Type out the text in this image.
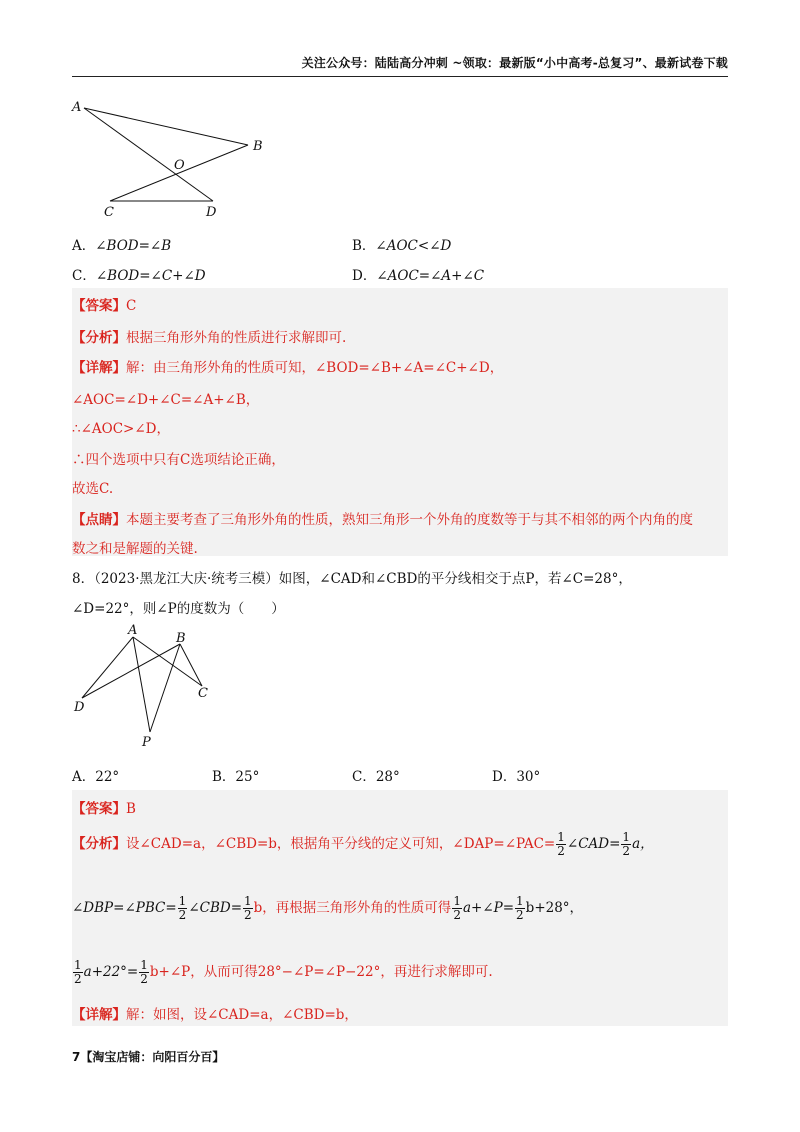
关注公众号：陆陆高分冲刺 ~领取：最新版“小中高考-总复习”、最新试卷下载
A
B
O
C	D
A．∠BOD=∠B	B．∠AOC<∠D
C．∠BOD=∠C+∠D	D．∠AOC=∠A+∠C
【答案】C
【分析】根据三角形外角的性质进行求解即可.
【详解】解：由三角形外角的性质可知，∠BOD=∠B+∠A=∠C+∠D，
∠AOC=∠D+∠C=∠A+∠B，
∴∠AOC>∠D，
∴四个选项中只有C选项结论正确，
故选C.
【点睛】本题主要考查了三角形外角的性质，熟知三角形一个外角的度数等于与其不相邻的两个内角的度
数之和是解题的关键.
8．（2023·黑龙江大庆·统考三模）如图，∠CAD和∠CBD的平分线相交于点P，若∠C=28°，
∠D=22°，则∠P的度数为（　　）
A
B
C
D
P
A．22°	B．25°	C．28°	D．30°
【答案】B
【分析】设∠CAD=a，∠CBD=b，根据角平分线的定义可知，∠DAP=∠PAC= $\frac{1}{2}$ ∠CAD= $\frac{1}{2}$ a，
∠DBP=∠PBC= $\frac{1}{2}$ ∠CBD= $\frac{1}{2}$ b，再根据三角形外角的性质可得 $\frac{1}{2}$ a+∠P= $\frac{1}{2} b+28^\circ$，
$\frac{1}{2} a+22^\circ= \frac{1}{2}$ b+∠P，从而可得28°−∠P=∠P−22°，再进行求解即可.
【详解】解：如图，设∠CAD=a，∠CBD=b，
7【淘宝店铺：向阳百分百】
